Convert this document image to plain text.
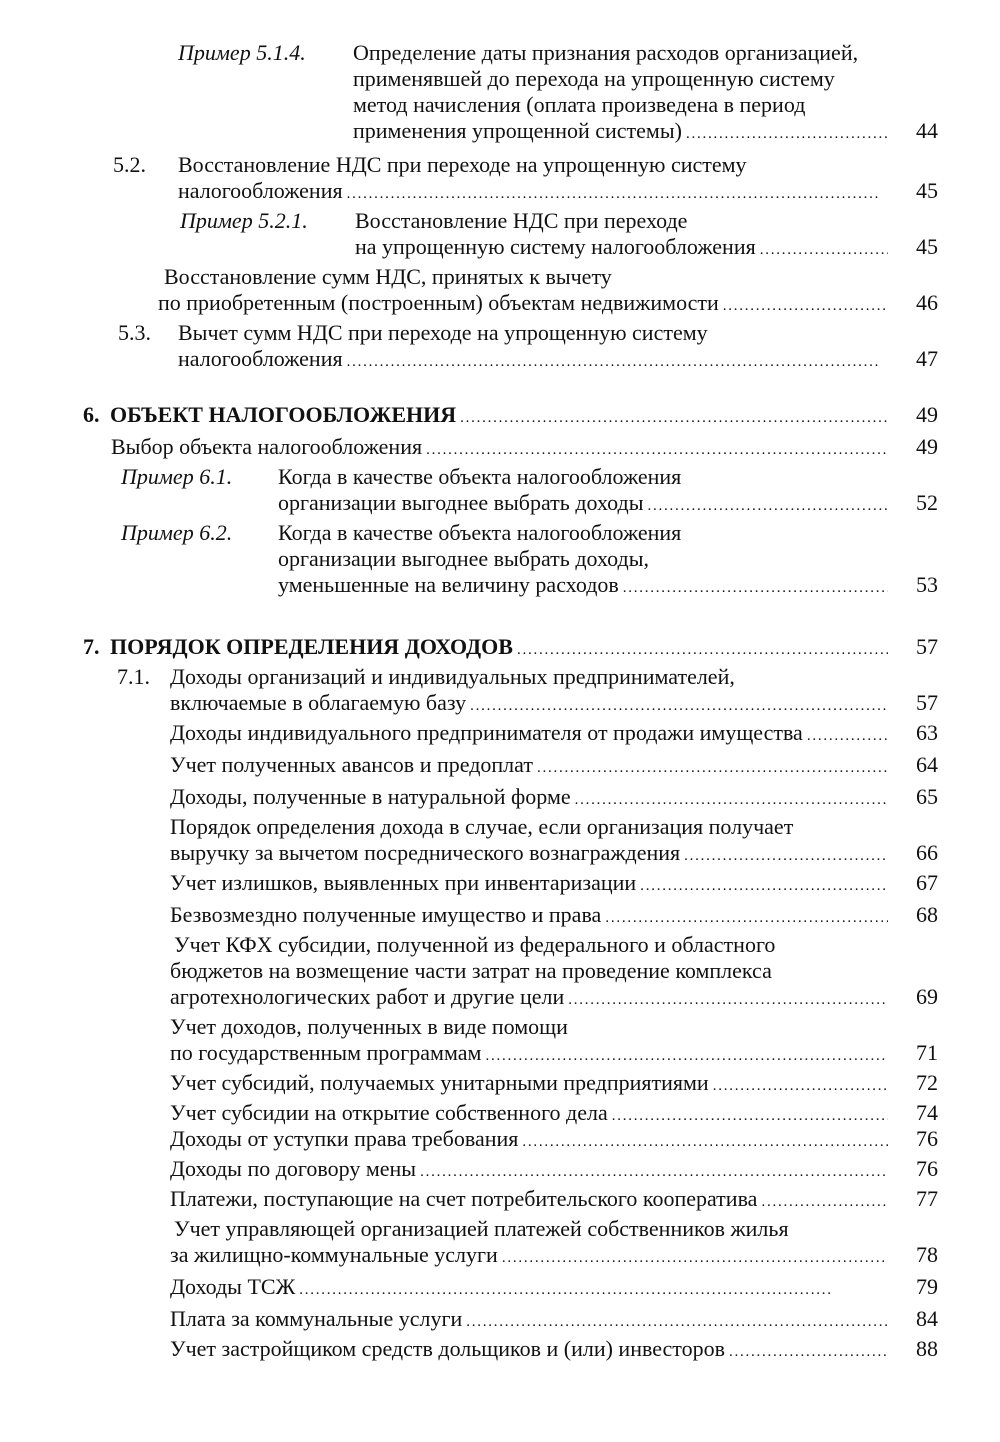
Пример 5.1.4. Определение даты признания расходов организацией,
применявшей до перехода на упрощенную систему
метод начисления (оплата произведена в период
применения упрощенной системы) . . .	44
5.2. Восстановление НДС при переходе на упрощенную систему
налогообложения . . .	45
Пример 5.2.1. Восстановление НДС при переходе
на упрощенную систему налогообложения . . .	45
Восстановление сумм НДС, принятых к вычету
по приобретенным (построенным) объектам недвижимости . . .	46
5.3. Вычет сумм НДС при переходе на упрощенную систему
налогообложения . . .	47
6. ОБЪЕКТ НАЛОГООБЛОЖЕНИЯ . . .	49
Выбор объекта налогообложения . . .	49
Пример 6.1. Когда в качестве объекта налогообложения
организации выгоднее выбрать доходы . . .	52
Пример 6.2. Когда в качестве объекта налогообложения
организации выгоднее выбрать доходы,
уменьшенные на величину расходов . . .	53
7. ПОРЯДОК ОПРЕДЕЛЕНИЯ ДОХОДОВ . . .	57
7.1. Доходы организаций и индивидуальных предпринимателей,
включаемые в облагаемую базу . . .	57
Доходы индивидуального предпринимателя от продажи имущества . . .	63
Учет полученных авансов и предоплат . . .	64
Доходы, полученные в натуральной форме . . .	65
Порядок определения дохода в случае, если организация получает
выручку за вычетом посреднического вознаграждения . . .	66
Учет излишков, выявленных при инвентаризации . . .	67
Безвозмездно полученные имущество и права . . .	68
Учет КФХ субсидии, полученной из федерального и областного
бюджетов на возмещение части затрат на проведение комплекса
агротехнологических работ и другие цели . . .	69
Учет доходов, полученных в виде помощи
по государственным программам . . .	71
Учет субсидий, получаемых унитарными предприятиями . . .	72
Учет субсидии на открытие собственного дела . . .	74
Доходы от уступки права требования . . .	76
Доходы по договору мены . . .	76
Платежи, поступающие на счет потребительского кооператива . . .	77
Учет управляющей организацией платежей собственников жилья
за жилищно-коммунальные услуги . . .	78
Доходы ТСЖ . . .	79
Плата за коммунальные услуги . . .	84
Учет застройщиком средств дольщиков и (или) инвесторов . . .	88
